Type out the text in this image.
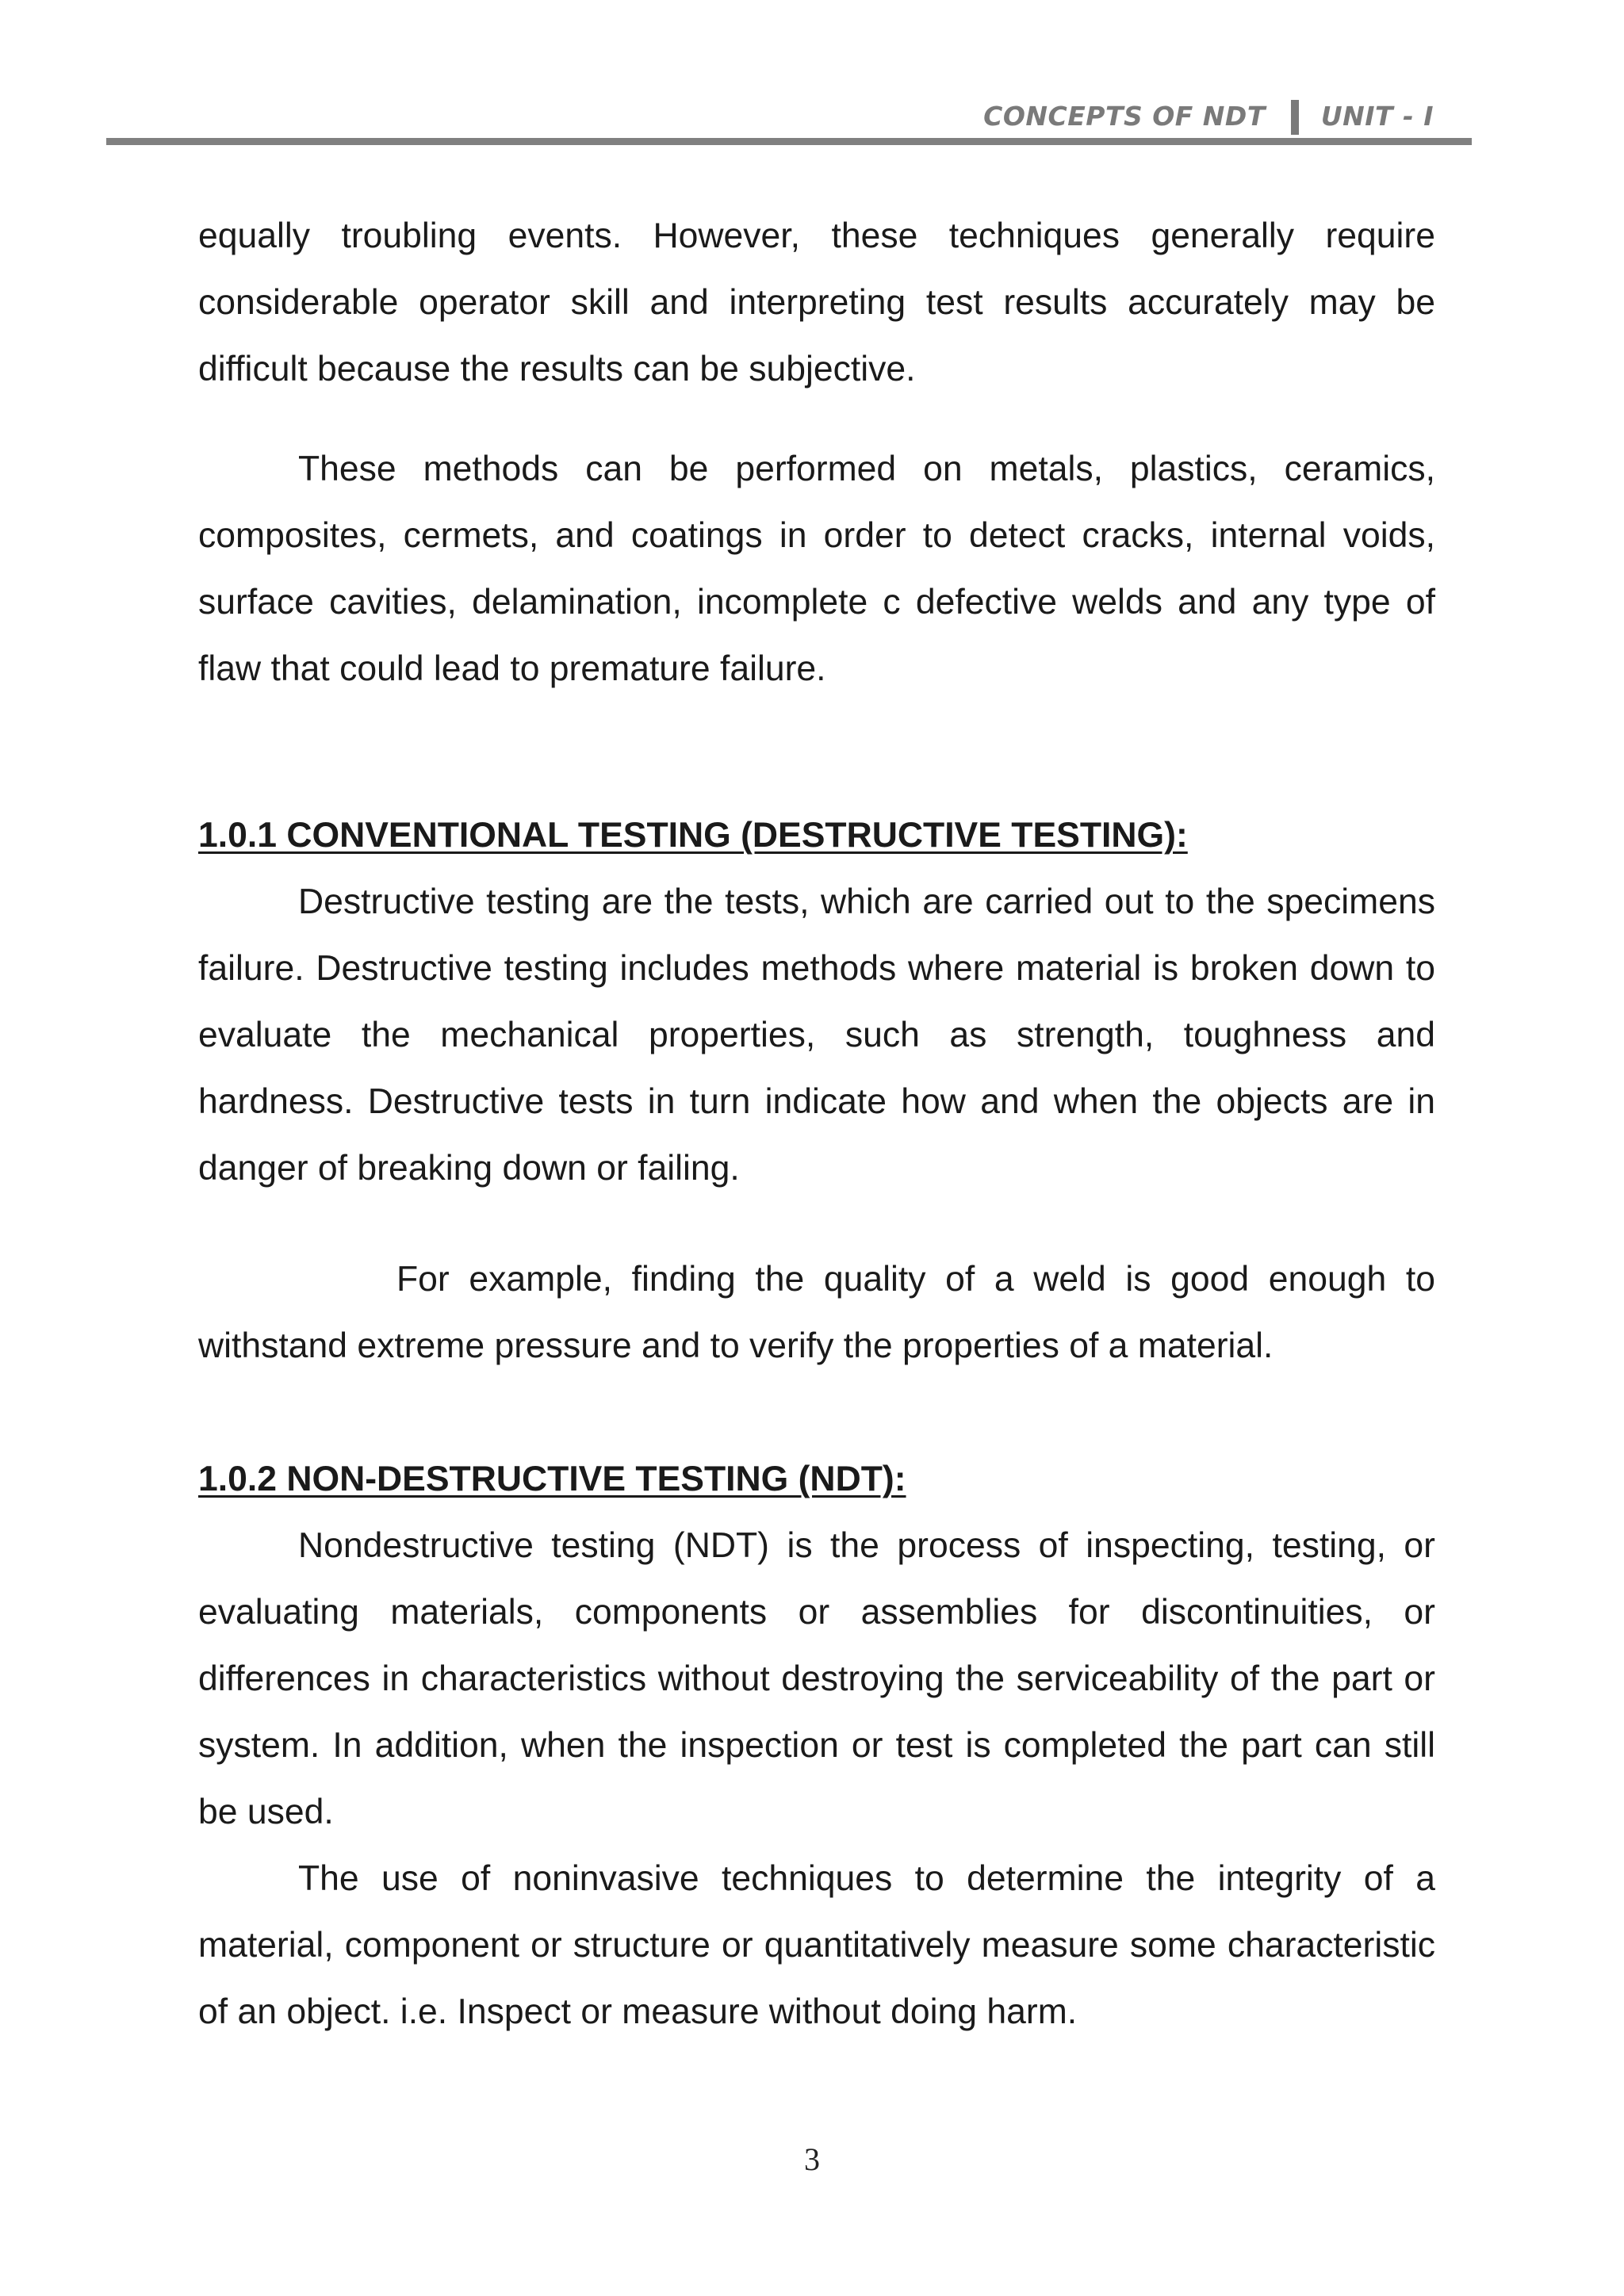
CONCEPTS OF NDT UNIT - I

equally troubling events. However, these techniques generally require considerable operator skill and interpreting test results accurately may be difficult because the results can be subjective.

These methods can be performed on metals, plastics, ceramics, composites, cermets, and coatings in order to detect cracks, internal voids, surface cavities, delamination, incomplete c defective welds and any type of flaw that could lead to premature failure.

1.0.1 CONVENTIONAL TESTING (DESTRUCTIVE TESTING):

Destructive testing are the tests, which are carried out to the specimens failure. Destructive testing includes methods where material is broken down to evaluate the mechanical properties, such as strength, toughness and hardness. Destructive tests in turn indicate how and when the objects are in danger of breaking down or failing.

For example, finding the quality of a weld is good enough to withstand extreme pressure and to verify the properties of a material.

1.0.2 NON-DESTRUCTIVE TESTING (NDT):

Nondestructive testing (NDT) is the process of inspecting, testing, or evaluating materials, components or assemblies for discontinuities, or differences in characteristics without destroying the serviceability of the part or system. In addition, when the inspection or test is completed the part can still be used.

The use of noninvasive techniques to determine the integrity of a material, component or structure or quantitatively measure some characteristic of an object. i.e. Inspect or measure without doing harm.

3
